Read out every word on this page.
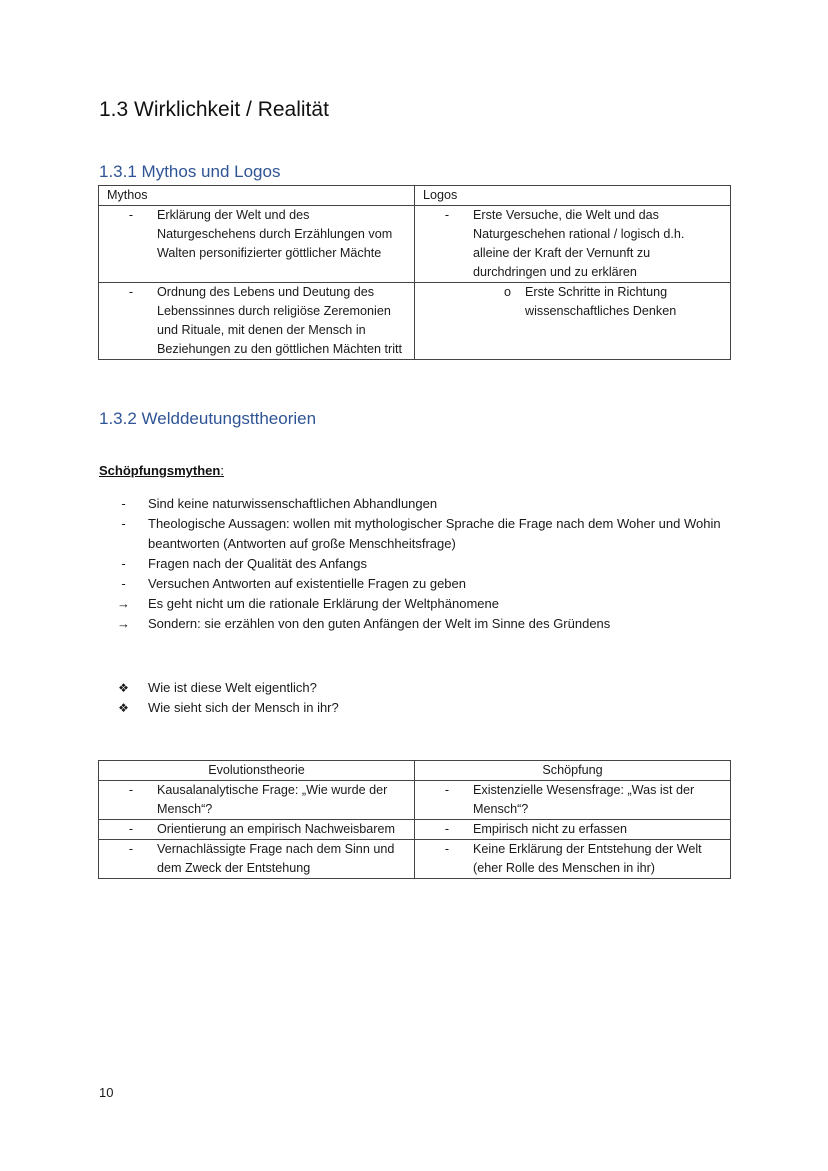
1.3 Wirklichkeit / Realität
1.3.1 Mythos und Logos
Mythos	Logos

- Erklärung der Welt und des Naturgeschehens durch Erzählungen vom Walten personifizierter göttlicher Mächte	- Erste Versuche, die Welt und das Naturgeschehen rational / logisch d.h. alleine der Kraft der Vernunft zu durchdringen und zu erklären

- Ordnung des Lebens und Deutung des Lebenssinnes durch religiöse Zeremonien und Rituale, mit denen der Mensch in Beziehungen zu den göttlichen Mächten tritt	o Erste Schritte in Richtung wissenschaftliches Denken
1.3.2 Welddeutungsttheorien
Schöpfungsmythen:
-	Sind keine naturwissenschaftlichen Abhandlungen
-	Theologische Aussagen: wollen mit mythologischer Sprache die Frage nach dem Woher und Wohin beantworten (Antworten auf große Menschheitsfrage)
-	Fragen nach der Qualität des Anfangs
-	Versuchen Antworten auf existentielle Fragen zu geben
→	Es geht nicht um die rationale Erklärung der Weltphänomene
→	Sondern: sie erzählen von den guten Anfängen der Welt im Sinne des Gründens
❖	Wie ist diese Welt eigentlich?
❖	Wie sieht sich der Mensch in ihr?
Evolutionstheorie	Schöpfung

- Kausalanalytische Frage: „Wie wurde der Mensch“?	- Existenzielle Wesensfrage: „Was ist der Mensch“?

- Orientierung an empirisch Nachweisbarem	- Empirisch nicht zu erfassen

- Vernachlässigte Frage nach dem Sinn und dem Zweck der Entstehung	- Keine Erklärung der Entstehung der Welt (eher Rolle des Menschen in ihr)
10
